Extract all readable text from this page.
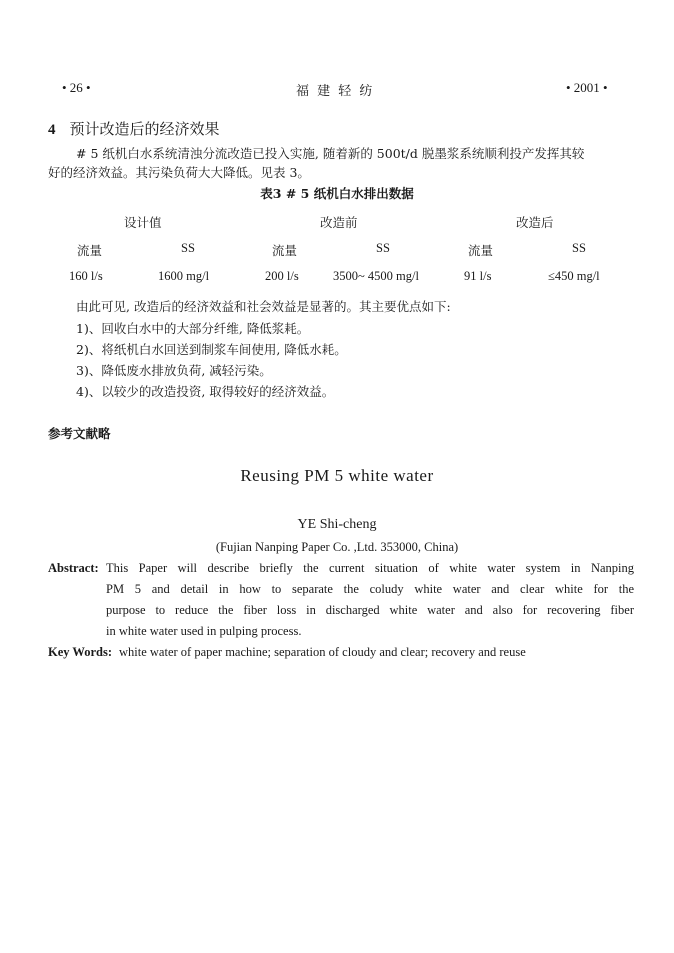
• 26 •	福 建 轻 纺	• 2001 •
4 预计改造后的经济效果
# 5 纸机白水系统清浊分流改造已投入实施, 随着新的 500t/d 脱墨浆系统顺利投产发挥其较
好的经济效益。其污染负荷大大降低。见表 3。
表3 # 5 纸机白水排出数据
设计值	改造前	改造后
流量	SS	流量	SS	流量	SS
160 l/s	1600 mg/l	200 l/s	3500~ 4500 mg/l	91 l/s	≤450 mg/l
由此可见, 改造后的经济效益和社会效益是显著的。其主要优点如下:
1)、回收白水中的大部分纤维, 降低浆耗。
2)、将纸机白水回送到制浆车间使用, 降低水耗。
3)、降低废水排放负荷, 减轻污染。
4)、以较少的改造投资, 取得较好的经济效益。
参考文献略
Reusing PM 5 white water
YE Shi-cheng
(Fujian Nanping Paper Co. ,Ltd. 353000, China)
Abstract: This Paper will describe briefly the current situation of white water system in Nanping
PM 5 and detail in how to separate the coludy white water and clear white for the
purpose to reduce the fiber loss in discharged white water and also for recovering fiber
in white water used in pulping process.
Key Words: white water of paper machine; separation of cloudy and clear; recovery and reuse
